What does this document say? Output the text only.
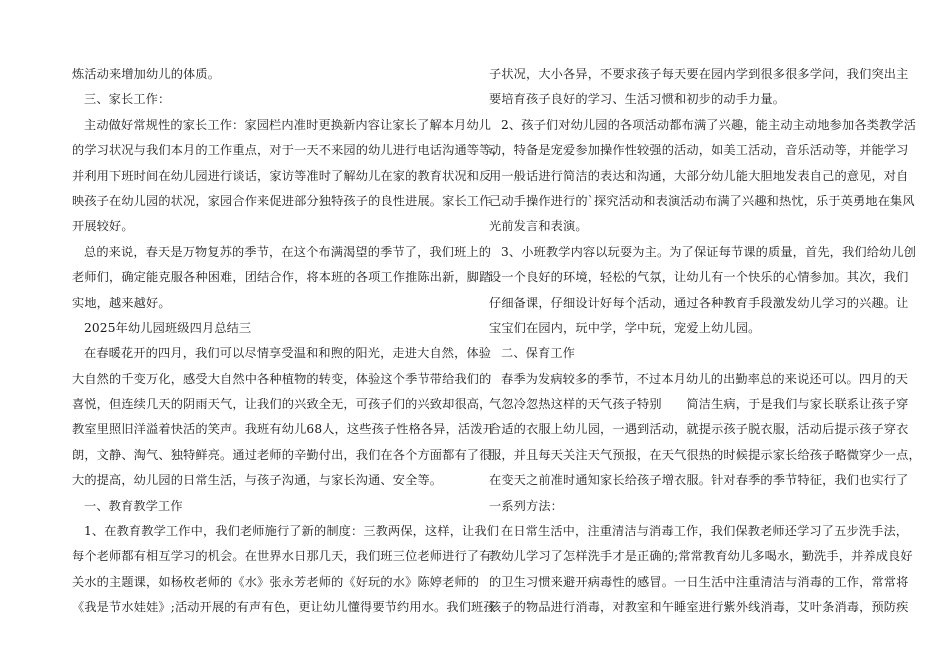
炼活动来增加幼儿的体质。
三、家长工作：
主动做好常规性的家长工作：家园栏内准时更换新内容让家长了解本月幼儿
的学习状况与我们本月的工作重点，对于一天不来园的幼儿进行电话沟通等等，
并利用下班时间在幼儿园进行谈话，家访等准时了解幼儿在家的教育状况和反
映孩子在幼儿园的状况，家园合作来促进部分独特孩子的良性进展。家长工作
开展较好。
总的来说，春天是万物复苏的季节，在这个布满渴望的季节了，我们班上的
老师们，确定能克服各种困难，团结合作，将本班的各项工作推陈出新，脚踏
实地，越来越好。
2025年幼儿园班级四月总结三
在春暖花开的四月，我们可以尽情享受温和和煦的阳光，走进大自然，体验
大自然的千变万化，感受大自然中各种植物的转变，体验这个季节带给我们的
喜悦，但连续几天的阴雨天气，让我们的兴致全无，可孩子们的兴致却很高，
教室里照旧洋溢着快活的笑声。我班有幼儿68人，这些孩子性格各异，活泼开
朗，文静、淘气、独特鲜亮。通过老师的辛勤付出，我们在各个方面都有了很
大的提高，幼儿园的日常生活，与孩子沟通，与家长沟通、安全等。
一、教育教学工作
1、在教育教学工作中，我们老师施行了新的制度：三教两保，这样，让我们
每个老师都有相互学习的机会。在世界水日那几天，我们班三位老师进行了有
关水的主题课，如杨枚老师的《水》张永芳老师的《好玩的水》陈婷老师的
《我是节水娃娃》;活动开展的有声有色，更让幼儿懂得要节约用水。我们班孩
子状况，大小各异，不要求孩子每天要在园内学到很多很多学问，我们突出主
要培育孩子良好的学习、生活习惯和初步的动手力量。
2、孩子们对幼儿园的各项活动都布满了兴趣，能主动主动地参加各类教学活
动，特备是宠爱参加操作性较强的活动，如美工活动，音乐活动等，并能学习
用一般话进行简洁的表达和沟通，大部分幼儿能大胆地发表自己的意见，对自
己动手操作进行的`探究活动和表演活动布满了兴趣和热忱，乐于英勇地在集风
光前发言和表演。
3、小班教学内容以玩耍为主。为了保证每节课的质量，首先，我们给幼儿创
设一个良好的环境，轻松的气氛，让幼儿有一个快乐的心情参加。其次，我们
仔细备课，仔细设计好每个活动，通过各种教育手段激发幼儿学习的兴趣。让
宝宝们在园内，玩中学，学中玩，宠爱上幼儿园。
二、保育工作
春季为发病较多的季节，不过本月幼儿的出勤率总的来说还可以。四月的天
气忽冷忽热这样的天气孩子特别　　简洁生病，于是我们与家长联系让孩子穿
合适的衣服上幼儿园，一遇到活动，就提示孩子脱衣服，活动后提示孩子穿衣
服，并且每天关注天气预报，在天气很热的时候提示家长给孩子略微穿少一点，
在变天之前准时通知家长给孩子增衣服。针对春季的季节特征，我们也实行了
一系列方法：
在日常生活中，注重清洁与消毒工作，我们保教老师还学习了五步洗手法，
教幼儿学习了怎样洗手才是正确的;常常教育幼儿多喝水，勤洗手，并养成良好
的卫生习惯来避开病毒性的感冒。一日生活中注重清洁与消毒的工作，常常将
孩子的物品进行消毒，对教室和午睡室进行紫外线消毒，艾叶条消毒，预防疾
